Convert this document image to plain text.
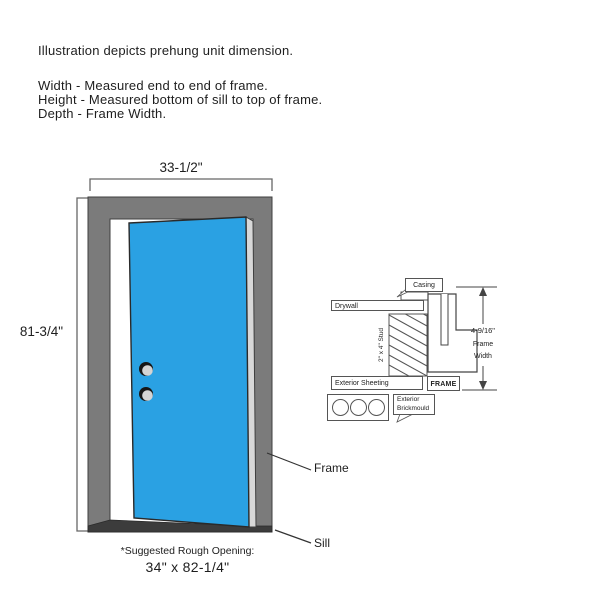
Illustration depicts prehung unit dimension.
Width - Measured end to end of frame.
Height - Measured bottom of sill to top of frame.
Depth - Frame Width.
33-1/2"
81-3/4"
Frame
Sill
*Suggested Rough Opening:
34" x 82-1/4"
Casing
Drywall
2" x 4" Stud
Exterior Sheeting	FRAME
Exterior
Brickmould
4-9/16"
Frame
Width
